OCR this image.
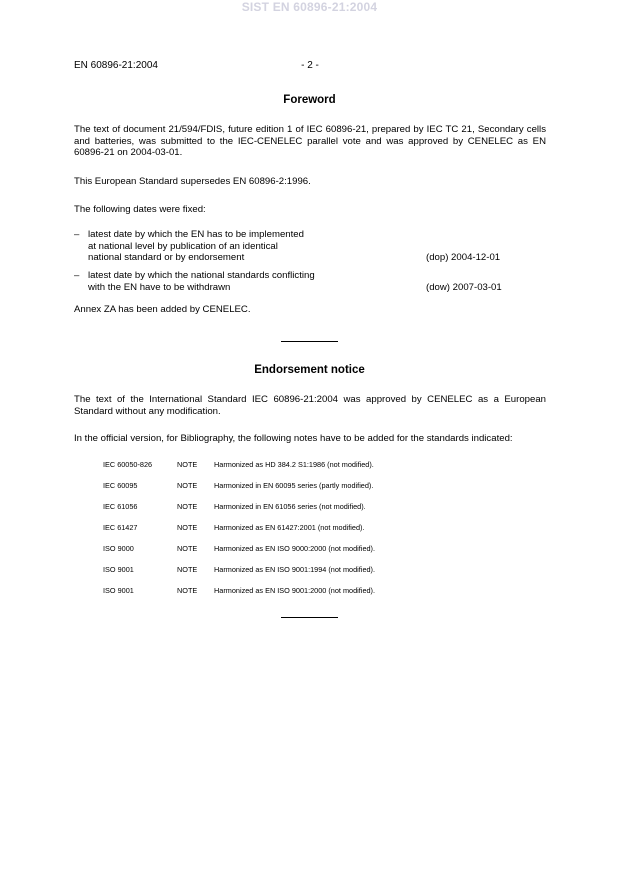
SIST EN 60896-21:2004
EN 60896-21:2004	- 2 -
Foreword

The text of document 21/594/FDIS, future edition 1 of IEC 60896-21, prepared by IEC TC 21, Secondary cells and batteries, was submitted to the IEC-CENELEC parallel vote and was approved by CENELEC as EN 60896-21 on 2004-03-01.

This European Standard supersedes EN 60896-2:1996.

The following dates were fixed:

– latest date by which the EN has to be implemented
at national level by publication of an identical
national standard or by endorsement	(dop) 2004-12-01
– latest date by which the national standards conflicting
with the EN have to be withdrawn	(dow) 2007-03-01

Annex ZA has been added by CENELEC.

Endorsement notice

The text of the International Standard IEC 60896-21:2004 was approved by CENELEC as a European Standard without any modification.

In the official version, for Bibliography, the following notes have to be added for the standards indicated:

IEC 60050-826	NOTE Harmonized as HD 384.2 S1:1986 (not modified).
IEC 60095	NOTE Harmonized in EN 60095 series (partly modified).
IEC 61056	NOTE Harmonized in EN 61056 series (not modified).
IEC 61427	NOTE Harmonized as EN 61427:2001 (not modified).
ISO 9000	NOTE Harmonized as EN ISO 9000:2000 (not modified).
ISO 9001	NOTE Harmonized as EN ISO 9001:1994 (not modified).
ISO 9001	NOTE Harmonized as EN ISO 9001:2000 (not modified).
